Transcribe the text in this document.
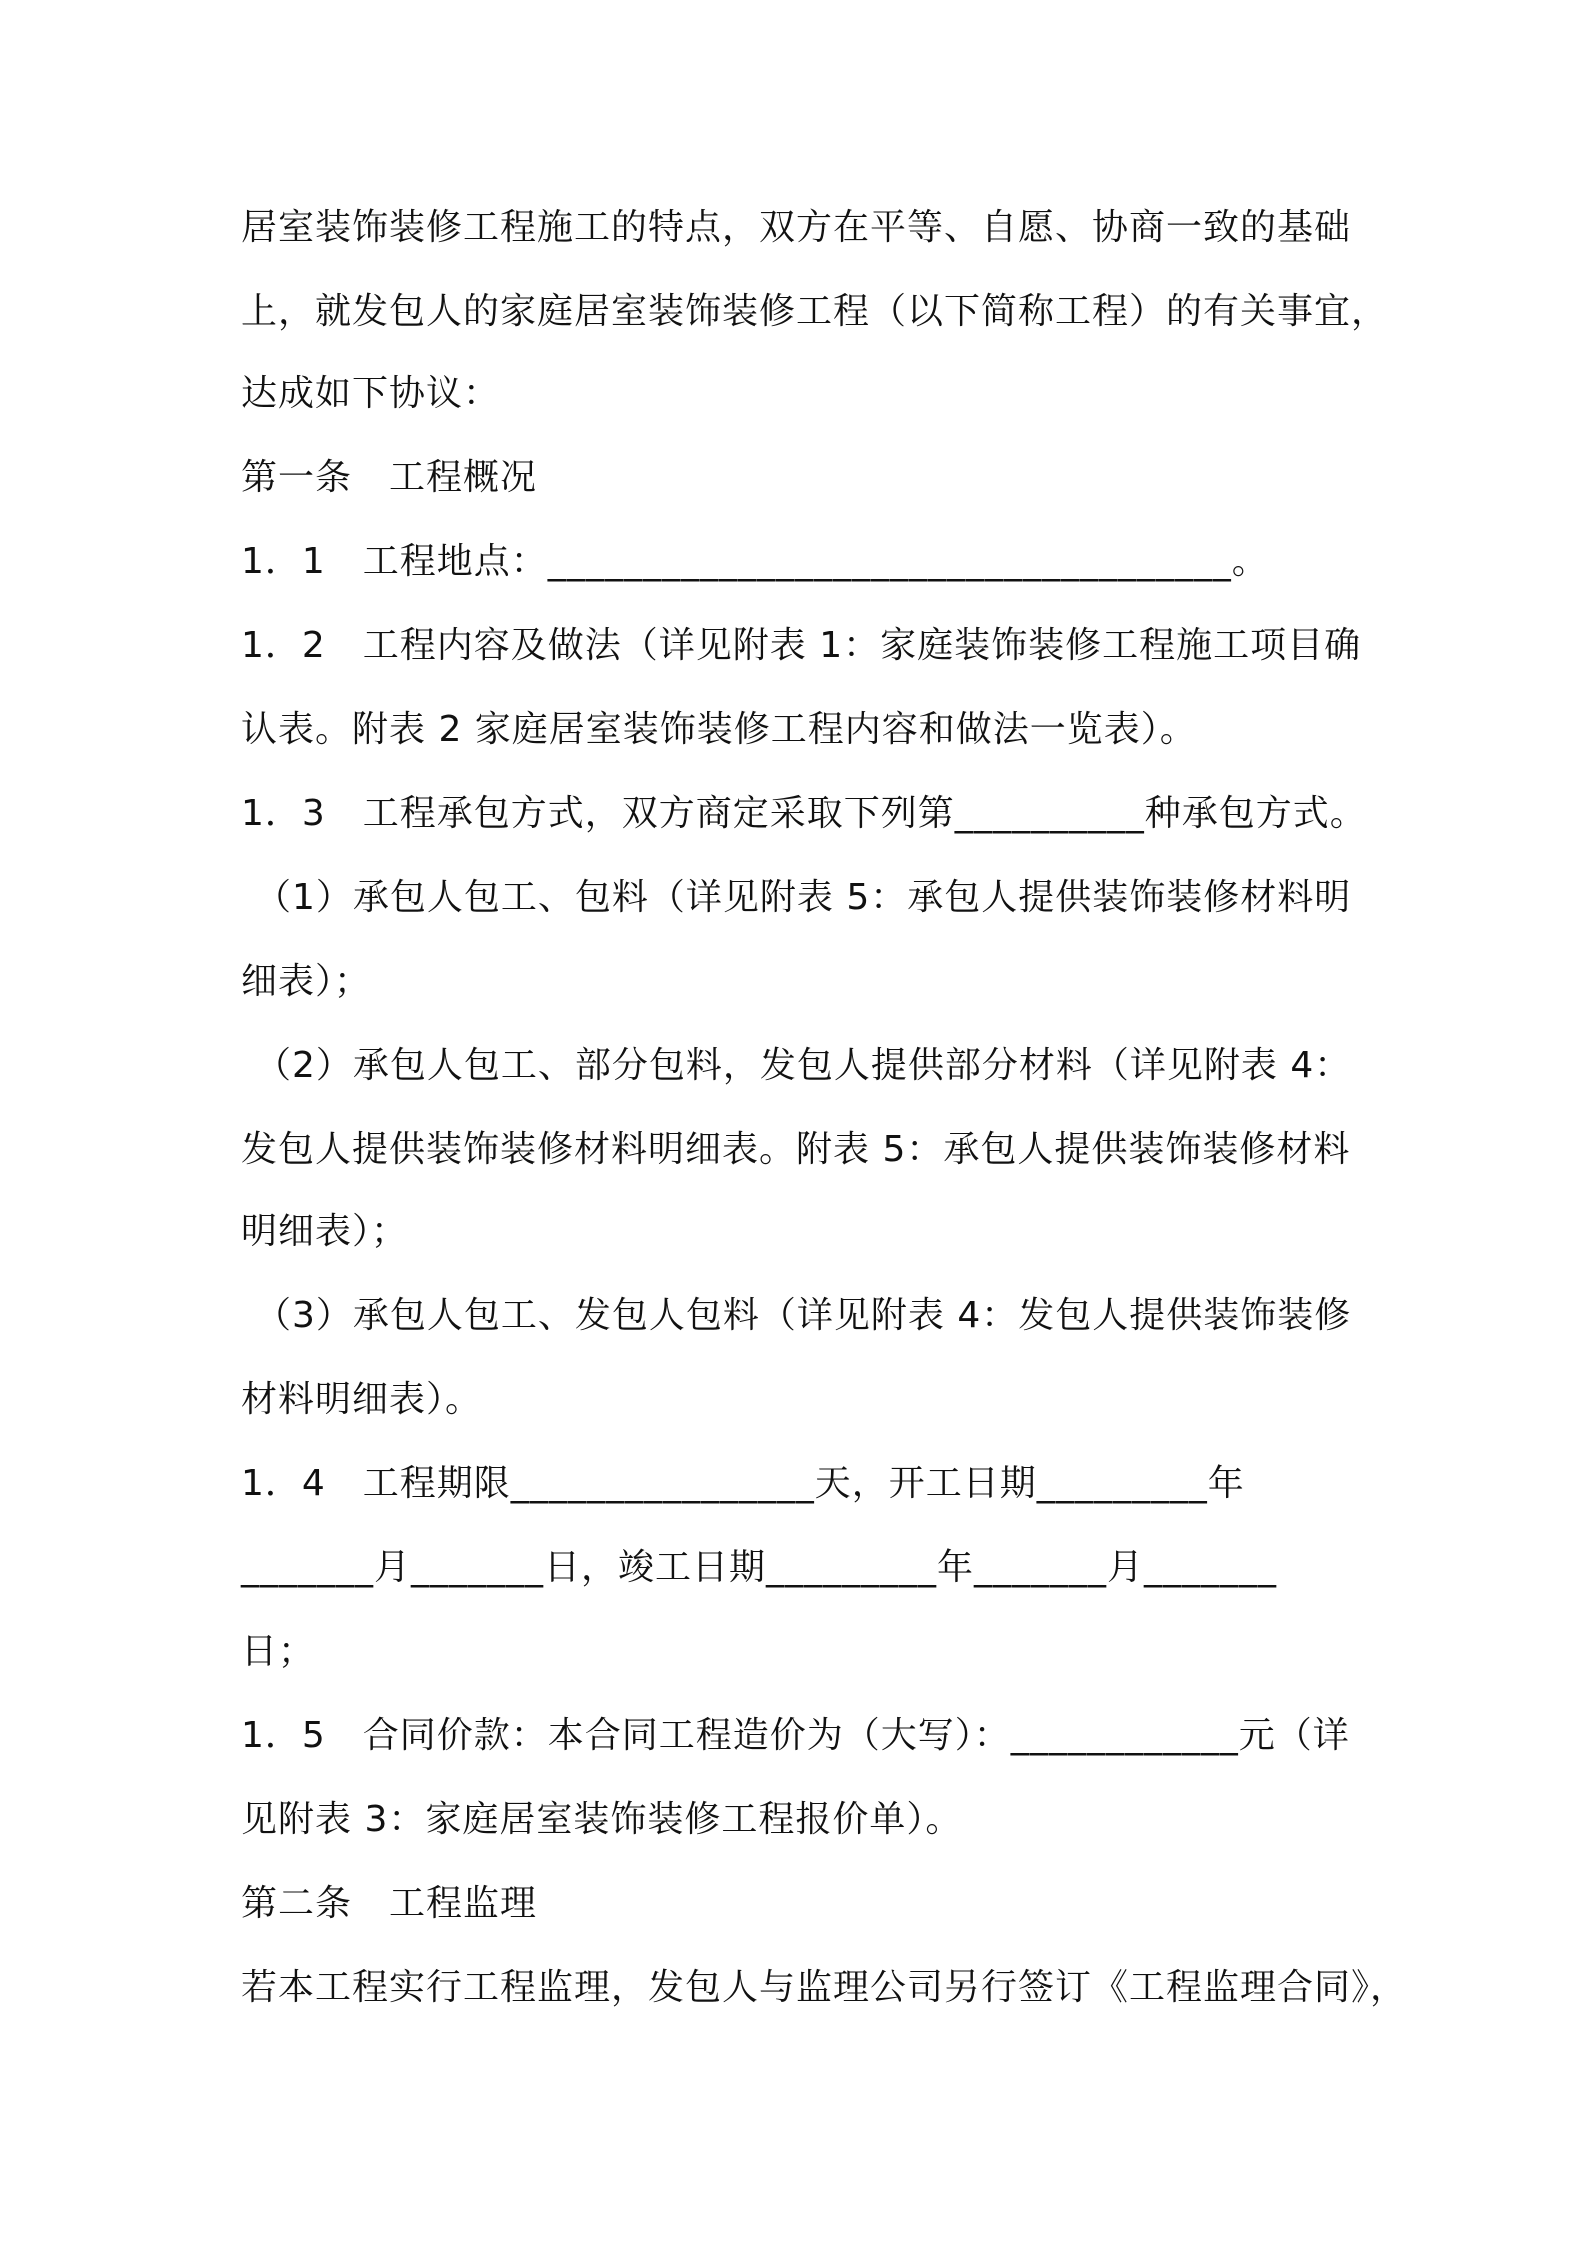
居室装饰装修工程施工的特点，双方在平等、自愿、协商一致的基础

上，就发包人的家庭居室装饰装修工程（以下简称工程）的有关事宜，

达成如下协议：

第一条　工程概况

1．1　工程地点：____________________________________。

1．2　工程内容及做法（详见附表 1：家庭装饰装修工程施工项目确

认表。附表 2 家庭居室装饰装修工程内容和做法一览表）。

1．3　工程承包方式，双方商定采取下列第__________种承包方式。

（1）承包人包工、包料（详见附表 5：承包人提供装饰装修材料明

细表）；

（2）承包人包工、部分包料，发包人提供部分材料（详见附表 4：

发包人提供装饰装修材料明细表。附表 5：承包人提供装饰装修材料

明细表）；

（3）承包人包工、发包人包料（详见附表 4：发包人提供装饰装修

材料明细表）。

1．4　工程期限________________天，开工日期_________年

_______月_______日，竣工日期_________年_______月_______

日；

1．5　合同价款：本合同工程造价为（大写）：____________元（详

见附表 3：家庭居室装饰装修工程报价单）。

第二条　工程监理

若本工程实行工程监理，发包人与监理公司另行签订《工程监理合同》，
